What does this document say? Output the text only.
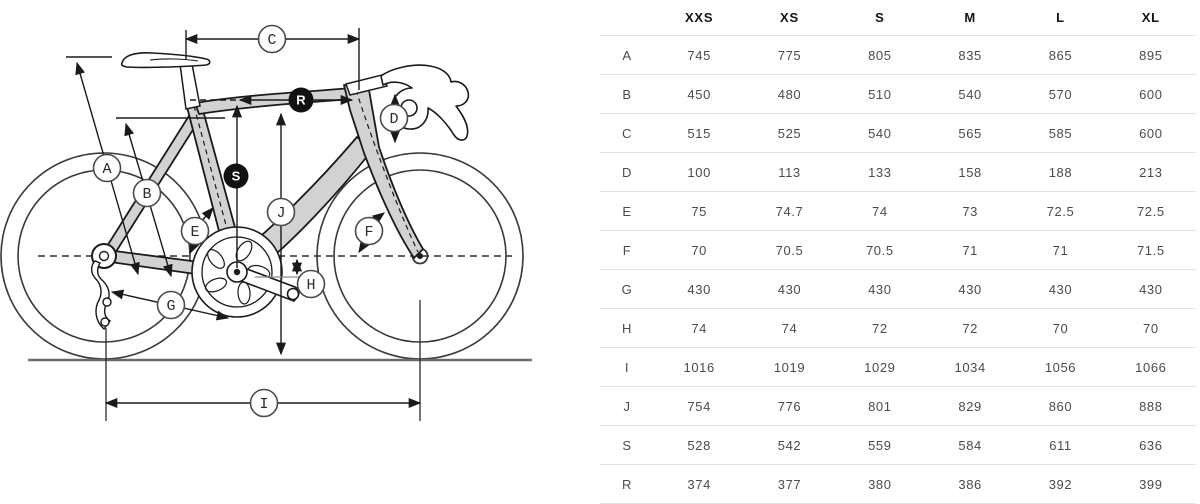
A
B
C
D
E	F
G
H
I
J
S
R
	XXS	XS	S	M	L	XL
A	745	775	805	835	865	895
B	450	480	510	540	570	600
C	515	525	540	565	585	600
D	100	113	133	158	188	213
E	75	74.7	74	73	72.5	72.5
F	70	70.5	70.5	71	71	71.5
G	430	430	430	430	430	430
H	74	74	72	72	70	70
I	1016	1019	1029	1034	1056	1066
J	754	776	801	829	860	888
S	528	542	559	584	611	636
R	374	377	380	386	392	399
